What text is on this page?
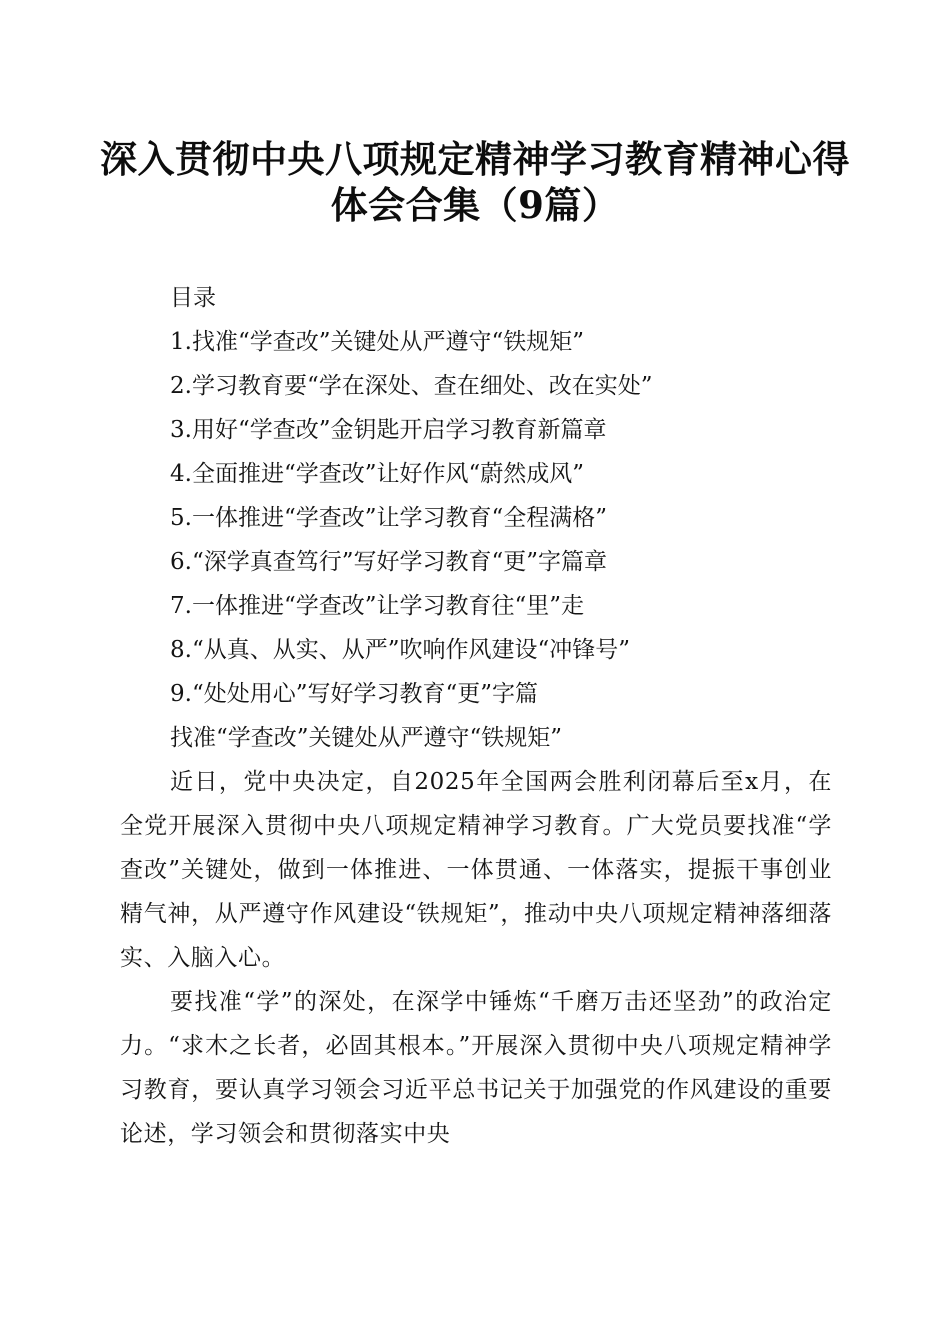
深入贯彻中央八项规定精神学习教育精神心得
体会合集（9篇）
目录
1.找准“学查改”关键处从严遵守“铁规矩”
2.学习教育要“学在深处、查在细处、改在实处”
3.用好“学查改”金钥匙开启学习教育新篇章
4.全面推进“学查改”让好作风“蔚然成风”
5.一体推进“学查改”让学习教育“全程满格”
6.“深学真查笃行”写好学习教育“更”字篇章
7.一体推进“学查改”让学习教育往“里”走
8.“从真、从实、从严”吹响作风建设“冲锋号”
9.“处处用心”写好学习教育“更”字篇
找准“学查改”关键处从严遵守“铁规矩”

近日，党中央决定，自2025年全国两会胜利闭幕后至x月，在全党开展深入贯彻中央八项规定精神学习教育。广大党员要找准“学查改”关键处，做到一体推进、一体贯通、一体落实，提振干事创业精气神，从严遵守作风建设“铁规矩”，推动中央八项规定精神落细落实、入脑入心。

要找准“学”的深处，在深学中锤炼“千磨万击还坚劲”的政治定力。“求木之长者，必固其根本。”开展深入贯彻中央八项规定精神学习教育，要认真学习领会习近平总书记关于加强党的作风建设的重要论述，学习领会和贯彻落实中央
